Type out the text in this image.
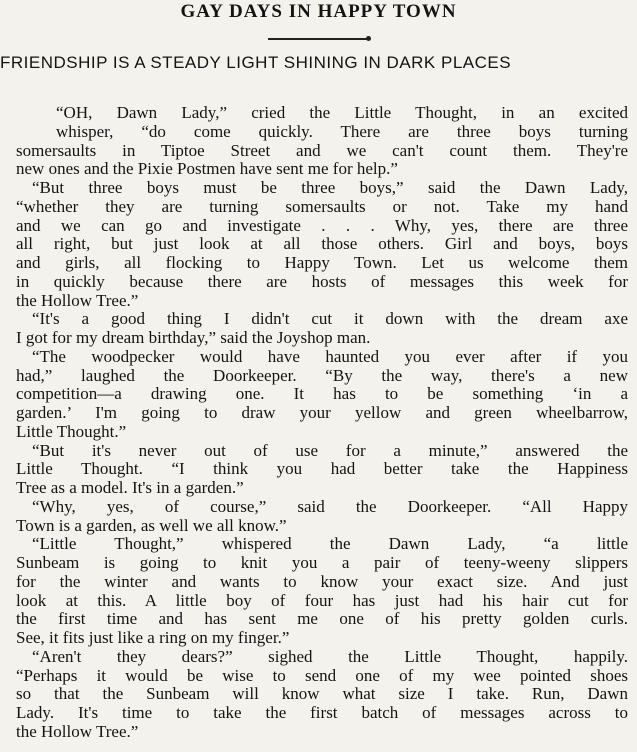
GAY DAYS IN HAPPY TOWN
FRIENDSHIP IS A STEADY LIGHT SHINING IN DARK PLACES
“OH, Dawn Lady,” cried the Little Thought, in an excited
whisper, “do come quickly. There are three boys turning
somersaults in Tiptoe Street and we can't count them. They're
new ones and the Pixie Postmen have sent me for help.”
“But three boys must be three boys,” said the Dawn Lady,
“whether they are turning somersaults or not. Take my hand
and we can go and investigate . . . Why, yes, there are three
all right, but just look at all those others. Girl and boys, boys
and girls, all flocking to Happy Town. Let us welcome them
in quickly because there are hosts of messages this week for
the Hollow Tree.”
“It's a good thing I didn't cut it down with the dream axe
I got for my dream birthday,” said the Joyshop man.
“The woodpecker would have haunted you ever after if you
had,” laughed the Doorkeeper. “By the way, there's a new
competition—a drawing one. It has to be something ‘in a
garden.’ I'm going to draw your yellow and green wheelbarrow,
Little Thought.”
“But it's never out of use for a minute,” answered the
Little Thought. “I think you had better take the Happiness
Tree as a model. It's in a garden.”
“Why, yes, of course,” said the Doorkeeper. “All Happy
Town is a garden, as well we all know.”
“Little Thought,” whispered the Dawn Lady, “a little
Sunbeam is going to knit you a pair of teeny-weeny slippers
for the winter and wants to know your exact size. And just
look at this. A little boy of four has just had his hair cut for
the first time and has sent me one of his pretty golden curls.
See, it fits just like a ring on my finger.”
“Aren't they dears?” sighed the Little Thought, happily.
“Perhaps it would be wise to send one of my wee pointed shoes
so that the Sunbeam will know what size I take. Run, Dawn
Lady. It's time to take the first batch of messages across to
the Hollow Tree.”
